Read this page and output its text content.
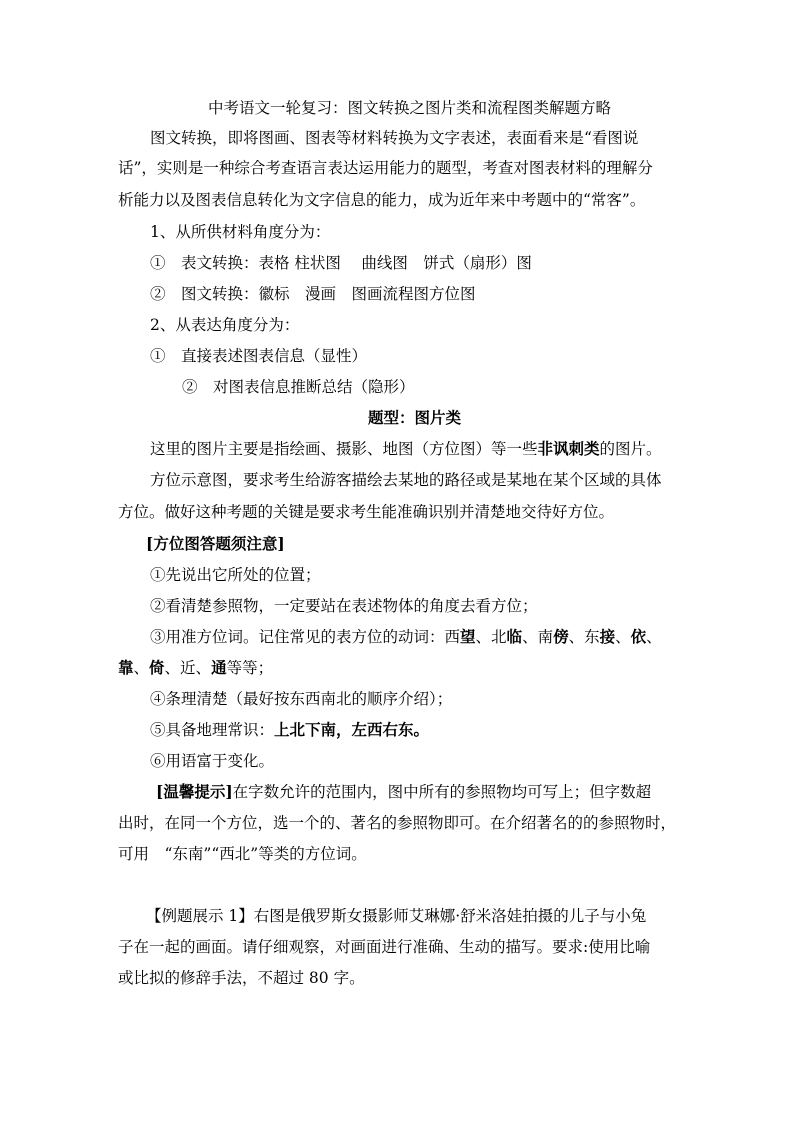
中考语文一轮复习：图文转换之图片类和流程图类解题方略
图文转换，即将图画、图表等材料转换为文字表述，表面看来是“看图说
话”，实则是一种综合考查语言表达运用能力的题型，考查对图表材料的理解分
析能力以及图表信息转化为文字信息的能力，成为近年来中考题中的“常客”。
1、从所供材料角度分为：
①　表文转换：表格 柱状图　 曲线图　饼式（扇形）图
②　图文转换：徽标　漫画　图画流程图方位图
2、从表达角度分为：
①　直接表述图表信息（显性）
②　对图表信息推断总结（隐形）
题型：图片类
这里的图片主要是指绘画、摄影、地图（方位图）等一些非讽刺类的图片。
方位示意图，要求考生给游客描绘去某地的路径或是某地在某个区域的具体
方位。做好这种考题的关键是要求考生能准确识别并清楚地交待好方位。
[方位图答题须注意]
①先说出它所处的位置；
②看清楚参照物，一定要站在表述物体的角度去看方位；
③用准方位词。记住常见的表方位的动词：西望、北临、南傍、东接、依、
靠、倚、近、通等等；
④条理清楚（最好按东西南北的顺序介绍）；
⑤具备地理常识：上北下南，左西右东。
⑥用语富于变化。
[温馨提示]在字数允许的范围内，图中所有的参照物均可写上；但字数超
出时，在同一个方位，选一个的、著名的参照物即可。在介绍著名的的参照物时，
可用　“东南”“西北”等类的方位词。
【例题展示 1】右图是俄罗斯女摄影师艾琳娜·舒米洛娃拍摄的儿子与小兔
子在一起的画面。请仔细观察，对画面进行准确、生动的描写。要求:使用比喻
或比拟的修辞手法，不超过 80 字。
